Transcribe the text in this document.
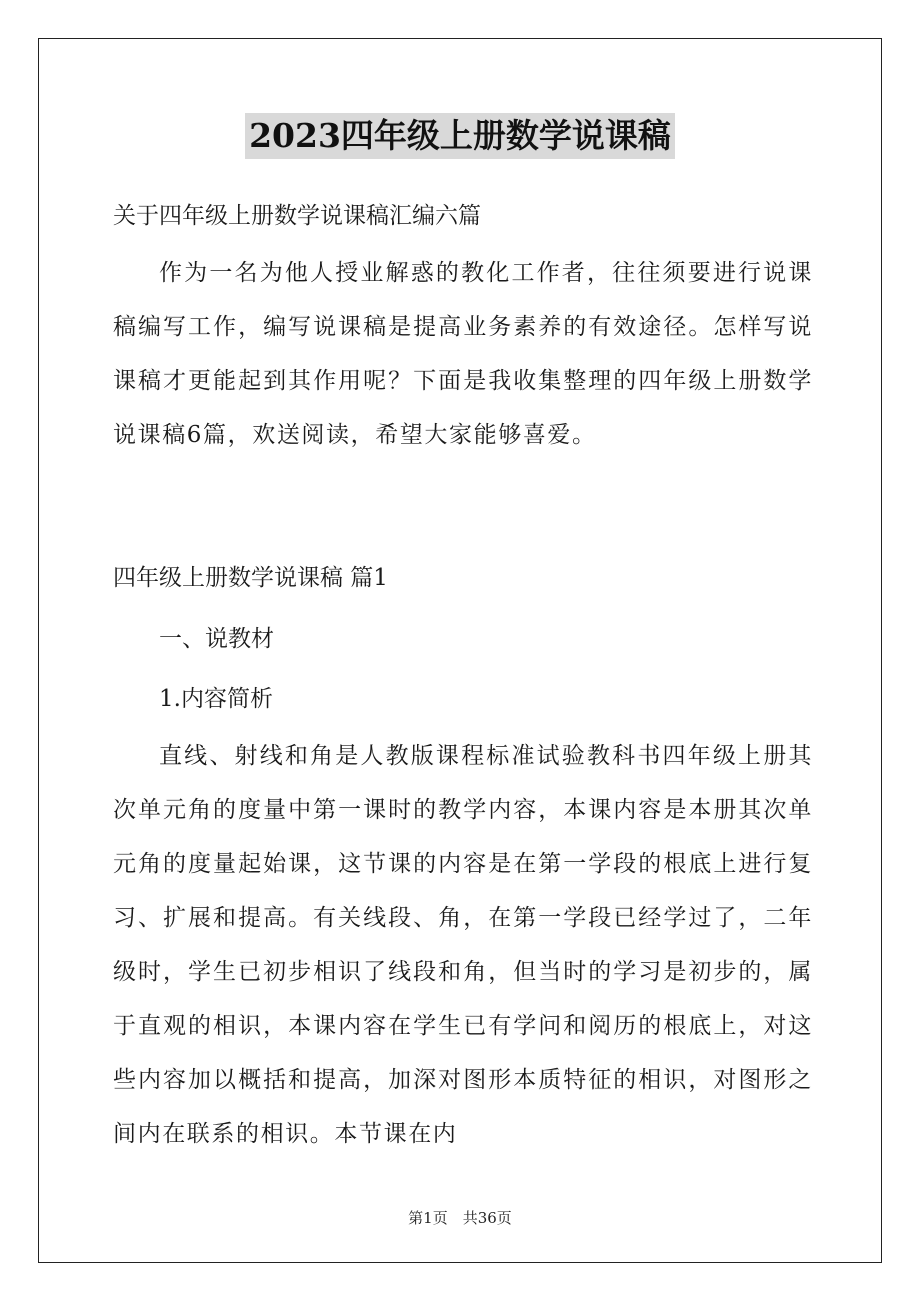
2023四年级上册数学说课稿
关于四年级上册数学说课稿汇编六篇
作为一名为他人授业解惑的教化工作者，往往须要进行说课稿编写工作，编写说课稿是提高业务素养的有效途径。怎样写说课稿才更能起到其作用呢？下面是我收集整理的四年级上册数学说课稿6篇，欢送阅读，希望大家能够喜爱。
四年级上册数学说课稿 篇1
一、说教材
1.内容简析
直线、射线和角是人教版课程标准试验教科书四年级上册其次单元角的度量中第一课时的教学内容，本课内容是本册其次单元角的度量起始课，这节课的内容是在第一学段的根底上进行复习、扩展和提高。有关线段、角，在第一学段已经学过了，二年级时，学生已初步相识了线段和角，但当时的学习是初步的，属于直观的相识，本课内容在学生已有学问和阅历的根底上，对这些内容加以概括和提高，加深对图形本质特征的相识，对图形之间内在联系的相识。本节课在内
第1页　共36页
